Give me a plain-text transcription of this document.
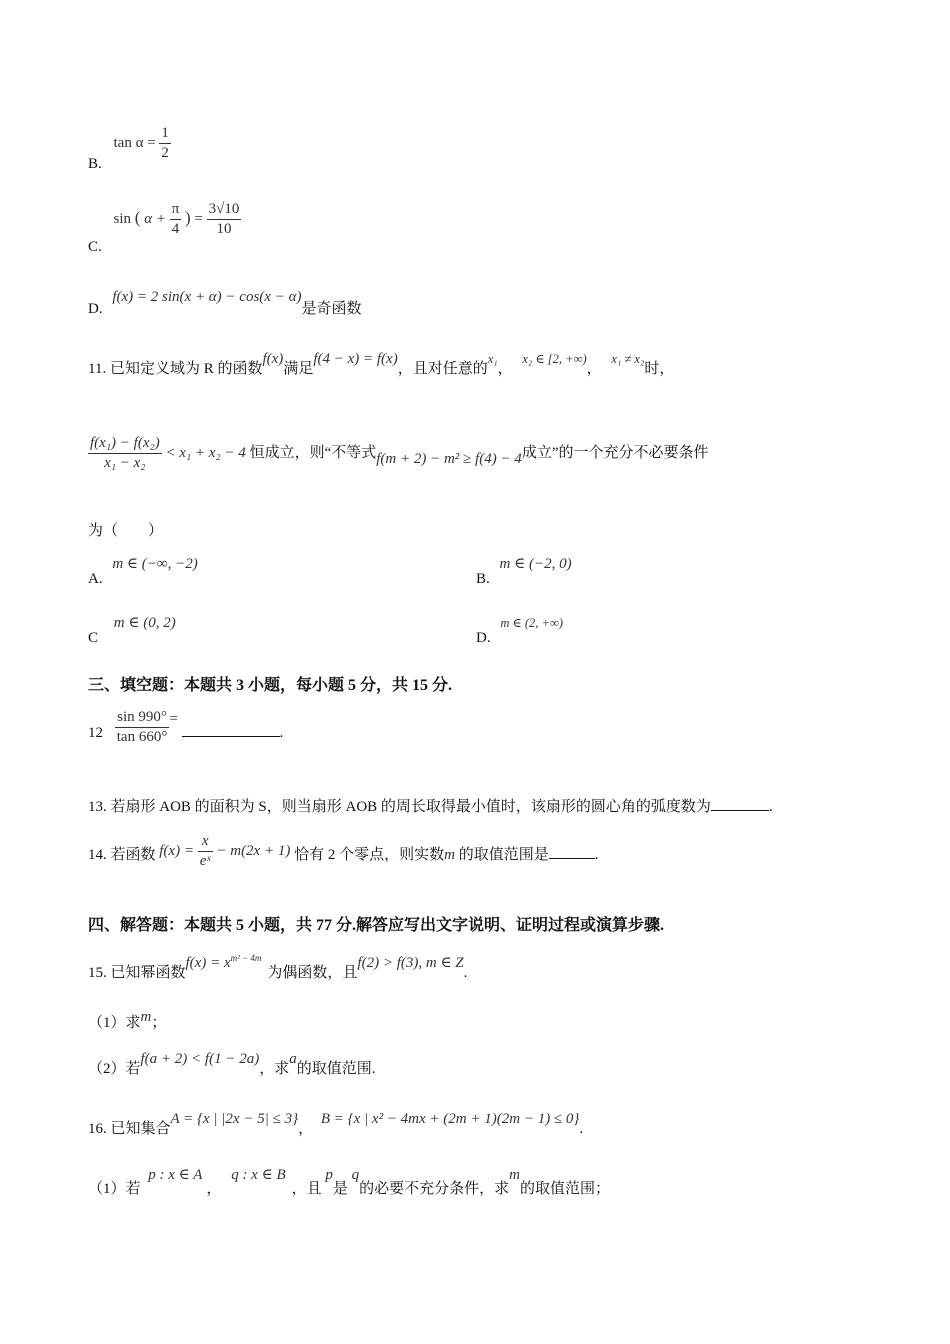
B. $\tan \alpha = \frac{1}{2}$
C. sin ( $\alpha + \frac{\pi}{4}$ ) = $\frac{3√10}{10}$
D. f(x) = 2 sin(x + α) − cos(x − α)是奇函数
11. 已知定义域为 R 的函数f(x)满足f(4 − x) = f(x)，且对任意的x₁， x₂ ∈ [2, +∞)， x₁ ≠ x₂时，
$\frac{\text{f(x₁) − f(x₂)}}{\text{x₁ − x₂}} < x_1 + x_2 - 4$ 恒成立，则“不等式f(m + 2) − m² ≥ f(4) − 4成立”的一个充分不必要条件
为（　　）
A. m ∈ (−∞, −2)
B. m ∈ (−2, 0)
C m ∈ (0, 2)
D. m ∈ (2, +∞)
三、填空题：本题共 3 小题，每小题 5 分，共 15 分.
$12 \frac{\sin 990^\circ}{\tan 660^\circ}$ = .
13. 若扇形 AOB 的面积为 S，则当扇形 AOB 的周长取得最小值时，该扇形的圆心角的弧度数为	.
14. 若函数 $f(x) = \frac{x}{\text{eˣ}} - m(2x + 1)$ 恰有 2 个零点，则实数m 的取值范围是	.
四、解答题：本题共 5 小题，共 77 分.解答应写出文字说明、证明过程或演算步骤.
15. 已知幂函数$f(x) = x^{m^2 - 4m}$为偶函数，且f(2) > f(3), m ∈ Z.
（1）求m；
（2）若f(a + 2) < f(1 − 2a)，求a的取值范围.
16. 已知集合A = {x | |2x − 5| ≤ 3}， B = {x | x² − 4mx + (2m + 1)(2m − 1) ≤ 0}.
（1）若 p : x ∈ A， q : x ∈ B，且 p是 q的必要不充分条件，求m的取值范围；
